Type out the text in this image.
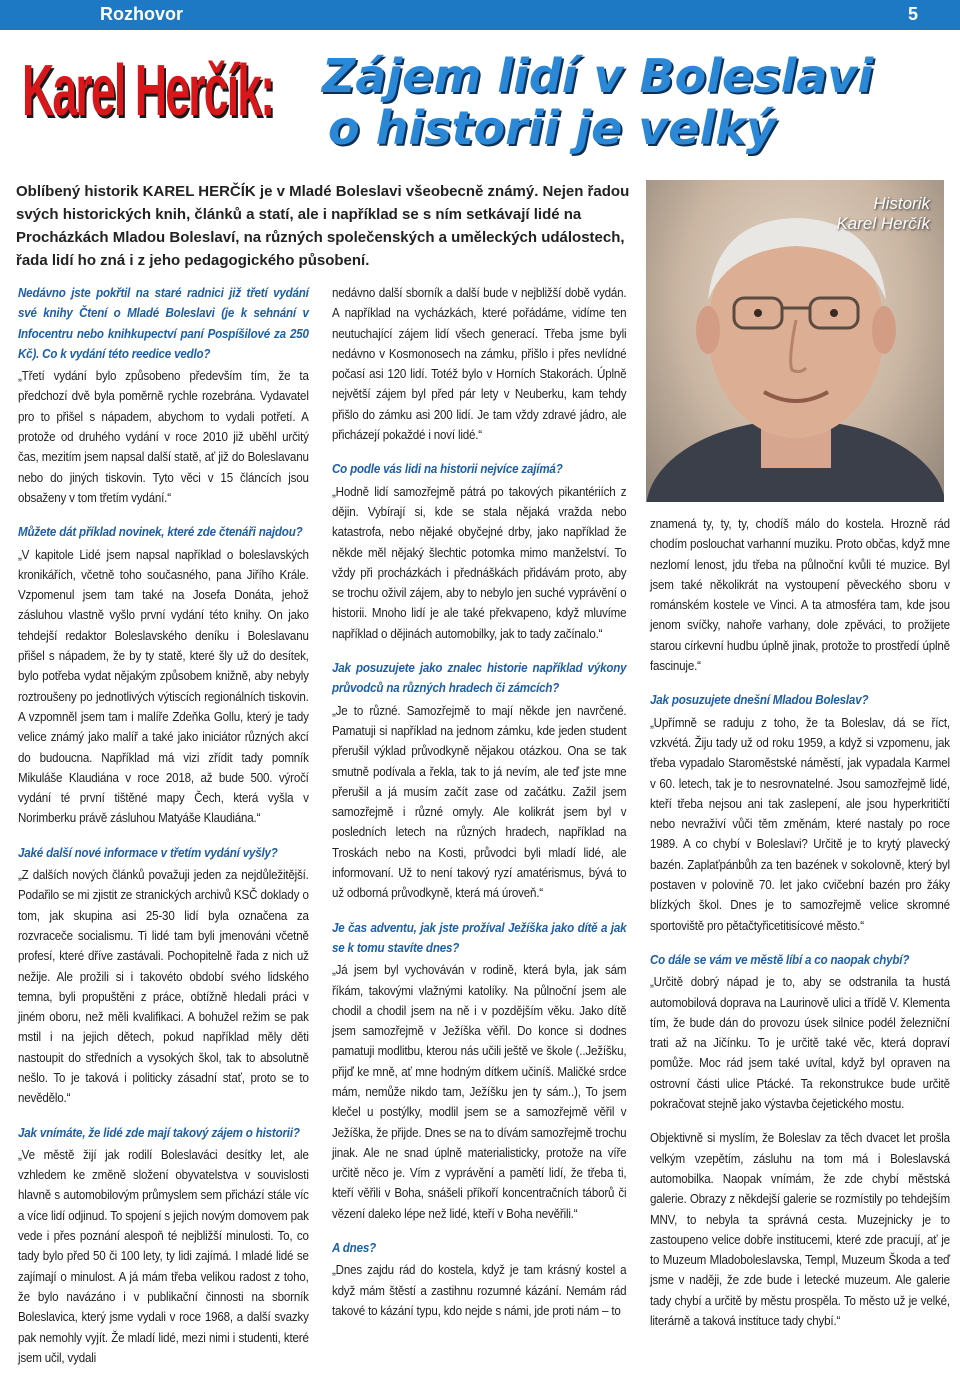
Rozhovor	5
Karel Herčík: Zájem lidí v Boleslavi
o historii je velký
Oblíbený historik KAREL HERČÍK je v Mladé Boleslavi všeobecně známý. Nejen řadou svých historických knih, článků a statí, ale i například se s ním setkávají lidé na Procházkách Mladou Boleslaví, na různých společenských a uměleckých událostech, řada lidí ho zná i z jeho pedagogického působení.
Historik
Karel Herčík

Nedávno jste pokřtil na staré radnici již třetí vydání své knihy Čtení o Mladé Boleslavi (je k sehnání v Infocentru nebo knihkupectví paní Pospíšilové za 250 Kč). Co k vydání této reedice vedlo?

„Třetí vydání bylo způsobeno především tím, že ta předchozí dvě byla poměrně rychle rozebrána. Vydavatel pro to přišel s nápadem, abychom to vydali potřetí. A protože od druhého vydání v roce 2010 již uběhl určitý čas, mezitím jsem napsal další statě, ať již do Boleslavanu nebo do jiných tiskovin. Tyto věci v 15 článcích jsou obsaženy v tom třetím vydání.“

Můžete dát příklad novinek, které zde čtenáři najdou?

„V kapitole Lidé jsem napsal například o boleslavských kronikářích, včetně toho současného, pana Jiřího Krále. Vzpomenul jsem tam také na Josefa Donáta, jehož zásluhou vlastně vyšlo první vydání této knihy. On jako tehdejší redaktor Boleslavského deníku i Boleslavanu přišel s nápadem, že by ty statě, které šly už do desítek, bylo potřeba vydat nějakým způsobem knižně, aby nebyly roztroušeny po jednotlivých výtiscích regionálních tiskovin. A vzpomněl jsem tam i malíře Zdeňka Gollu, který je tady velice známý jako malíř a také jako iniciátor různých akcí do budoucna. Například má vizi zřídit tady pomník Mikuláše Klaudiána v roce 2018, až bude 500. výročí vydání té první tištěné mapy Čech, která vyšla v Norimberku právě zásluhou Matyáše Klaudiána.“

Jaké další nové informace v třetím vydání vyšly?

„Z dalších nových článků považuji jeden za nejdůležitější. Podařilo se mi zjistit ze stranických archivů KSČ doklady o tom, jak skupina asi 25-30 lidí byla označena za rozvraceče socialismu. Ti lidé tam byli jmenováni včetně profesí, které dříve zastávali. Pochopitelně řada z nich už nežije. Ale prožili si i takovéto období svého lidského temna, byli propuštěni z práce, obtížně hledali práci v jiném oboru, než měli kvalifikaci. A bohužel režim se pak mstil i na jejich dětech, pokud například měly děti nastoupit do středních a vysokých škol, tak to absolutně nešlo. To je taková i politicky zásadní stať, proto se to nevědělo.“

Jak vnímáte, že lidé zde mají takový zájem o historii?

„Ve městě žijí jak rodilí Boleslaváci desítky let, ale vzhledem ke změně složení obyvatelstva v souvislosti hlavně s automobilovým průmyslem sem přichází stále víc a více lidí odjinud. To spojení s jejich novým domovem pak vede i přes poznání alespoň té nejbližší minulosti. To, co tady bylo před 50 či 100 lety, ty lidi zajímá. I mladé lidé se zajímají o minulost. A já mám třeba velikou radost z toho, že bylo navázáno i v publikační činnosti na sborník Boleslavica, který jsme vydali v roce 1968, a další svazky pak nemohly vyjít. Že mladí lidé, mezi nimi i studenti, které jsem učil, vydali

nedávno další sborník a další bude v nejbližší době vydán. A například na vycházkách, které pořádáme, vidíme ten neutuchající zájem lidí všech generací. Třeba jsme byli nedávno v Kosmonosech na zámku, přišlo i přes nevlídné počasí asi 120 lidí. Totéž bylo v Horních Stakorách. Úplně největší zájem byl před pár lety v Neuberku, kam tehdy přišlo do zámku asi 200 lidí. Je tam vždy zdravé jádro, ale přicházejí pokaždé i noví lidé.“

Co podle vás lidi na historii nejvíce zajímá?

„Hodně lidí samozřejmě pátrá po takových pikantériích z dějin. Vybírají si, kde se stala nějaká vražda nebo katastrofa, nebo nějaké obyčejné drby, jako například že někde měl nějaký šlechtic potomka mimo manželství. To vždy při procházkách i přednáškách přidávám proto, aby se trochu oživil zájem, aby to nebylo jen suché vyprávění o historii. Mnoho lidí je ale také překvapeno, když mluvíme například o dějinách automobilky, jak to tady začínalo.“

Jak posuzujete jako znalec historie například výkony průvodců na různých hradech či zámcích?

„Je to různé. Samozřejmě to mají někde jen navrčené. Pamatuji si například na jednom zámku, kde jeden student přerušil výklad průvodkyně nějakou otázkou. Ona se tak smutně podívala a řekla, tak to já nevím, ale teď jste mne přerušil a já musím začít zase od začátku. Zažil jsem samozřejmě i různé omyly. Ale kolikrát jsem byl v posledních letech na různých hradech, například na Troskách nebo na Kosti, průvodci byli mladí lidé, ale informovaní. Už to není takový ryzí amatérismus, bývá to už odborná průvodkyně, která má úroveň.“

Je čas adventu, jak jste prožíval Ježíška jako dítě a jak se k tomu stavíte dnes?

„Já jsem byl vychováván v rodině, která byla, jak sám říkám, takovými vlažnými katolíky. Na půlnoční jsem ale chodil a chodil jsem na ně i v pozdějším věku. Jako dítě jsem samozřejmě v Ježíška věřil. Do konce si dodnes pamatuji modlitbu, kterou nás učili ještě ve škole (..Ježíšku, přijď ke mně, ať mne hodným dítkem učiníš. Maličké srdce mám, nemůže nikdo tam, Ježíšku jen ty sám..), To jsem klečel u postýlky, modlil jsem se a samozřejmě věřil v Ježíška, že přijde. Dnes se na to dívám samozřejmě trochu jinak. Ale ne snad úplně materialisticky, protože na víře určitě něco je. Vím z vyprávění a pamětí lidí, že třeba ti, kteří věřili v Boha, snášeli příkoří koncentračních táborů či vězení daleko lépe než lidé, kteří v Boha nevěřili.“

A dnes?

„Dnes zajdu rád do kostela, když je tam krásný kostel a když mám štěstí a zastihnu rozumné kázání. Nemám rád takové to kázání typu, kdo nejde s námi, jde proti nám – to

znamená ty, ty, ty, chodíš málo do kostela. Hrozně rád chodím poslouchat varhanní muziku. Proto občas, když mne nezlomí lenost, jdu třeba na půlnoční kvůli té muzice. Byl jsem také několikrát na vystoupení pěveckého sboru v románském kostele ve Vinci. A ta atmosféra tam, kde jsou jenom svíčky, nahoře varhany, dole zpěváci, to prožijete starou církevní hudbu úplně jinak, protože to prostředí úplně fascinuje.“

Jak posuzujete dnešní Mladou Boleslav?

„Upřímně se raduju z toho, že ta Boleslav, dá se říct, vzkvétá. Žiju tady už od roku 1959, a když si vzpomenu, jak třeba vypadalo Staroměstské náměstí, jak vypadala Karmel v 60. letech, tak je to nesrovnatelné. Jsou samozřejmě lidé, kteří třeba nejsou ani tak zaslepení, ale jsou hyperkritičtí nebo nevraživí vůči těm změnám, které nastaly po roce 1989. A co chybí v Boleslavi? Určitě je to krytý plavecký bazén. Zaplaťpánbůh za ten bazének v sokolovně, který byl postaven v polovině 70. let jako cvičební bazén pro žáky blízkých škol. Dnes je to samozřejmě velice skromné sportoviště pro pětačtyřicetitisícové město.“

Co dále se vám ve městě líbí a co naopak chybí?

„Určitě dobrý nápad je to, aby se odstranila ta hustá automobilová doprava na Laurinově ulici a třídě V. Klementa tím, že bude dán do provozu úsek silnice podél železniční trati až na Jičínku. To je určitě také věc, která dopraví pomůže. Moc rád jsem také uvítal, když byl opraven na ostrovní části ulice Ptácké. Ta rekonstrukce bude určitě pokračovat stejně jako výstavba čejetického mostu.

Objektivně si myslím, že Boleslav za těch dvacet let prošla velkým vzepětím, zásluhu na tom má i Boleslavská automobilka. Naopak vnímám, že zde chybí městská galerie. Obrazy z někdejší galerie se rozmístily po tehdejším MNV, to nebyla ta správná cesta. Muzejnicky je to zastoupeno velice dobře institucemi, které zde pracují, ať je to Muzeum Mladoboleslavska, Templ, Muzeum Škoda a teď jsme v naději, že zde bude i letecké muzeum. Ale galerie tady chybí a určitě by městu prospěla. To město už je velké, literárně a taková instituce tady chybí.“
